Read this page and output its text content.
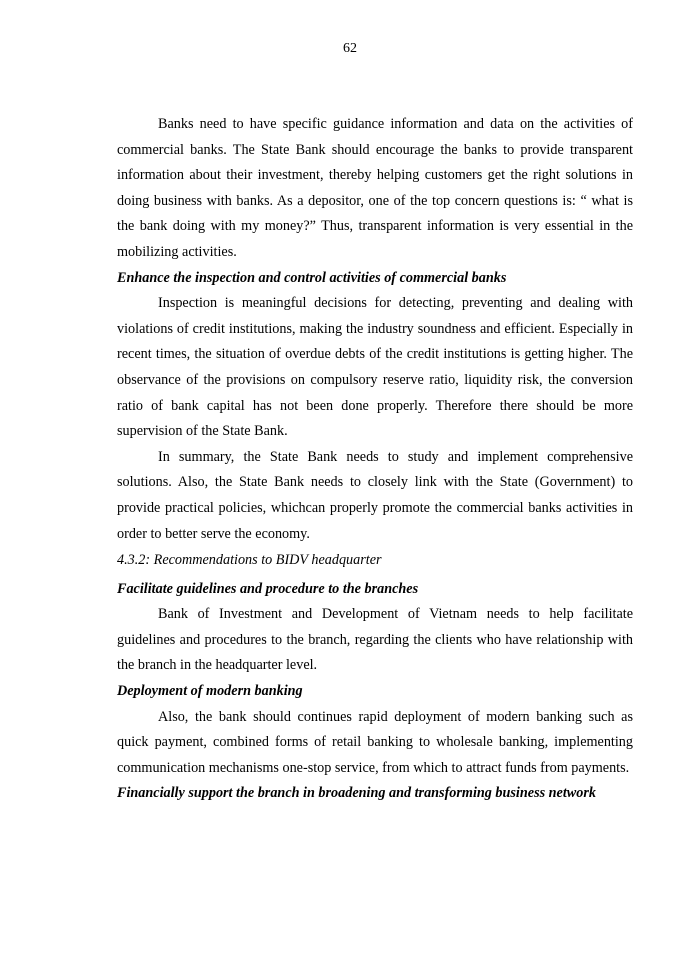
62

Banks need to have specific guidance information and data on the activities of commercial banks. The State Bank should encourage the banks to provide transparent information about their investment, thereby helping customers get the right solutions in doing business with banks. As a depositor, one of the top concern questions is: “ what is the bank doing with my money?” Thus, transparent information is very essential in the mobilizing activities.

Enhance the inspection and control activities of commercial banks

Inspection is meaningful decisions for detecting, preventing and dealing with violations of credit institutions, making the industry soundness and efficient. Especially in recent times, the situation of overdue debts of the credit institutions is getting higher. The observance of the provisions on compulsory reserve ratio, liquidity risk, the conversion ratio of bank capital has not been done properly. Therefore there should be more supervision of the State Bank.

In summary, the State Bank needs to study and implement comprehensive solutions. Also, the State Bank needs to closely link with the State (Government) to provide practical policies, whichcan properly promote the commercial banks activities in order to better serve the economy.

4.3.2: Recommendations to BIDV headquarter

Facilitate guidelines and procedure to the branches

Bank of Investment and Development of Vietnam needs to help facilitate guidelines and procedures to the branch, regarding the clients who have relationship with the branch in the headquarter level.

Deployment of modern banking

Also, the bank should continues rapid deployment of modern banking such as quick payment, combined forms of retail banking to wholesale banking, implementing communication mechanisms one-stop service, from which to attract funds from payments.

Financially support the branch in broadening and transforming business network
